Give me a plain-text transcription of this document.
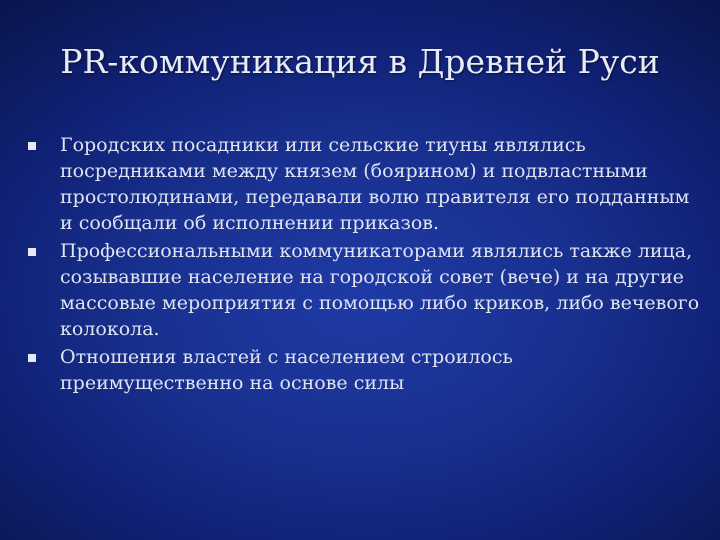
PR-коммуникация в Древней Руси
Городских посадники или сельские тиуны являлись посредниками между князем (боярином) и подвластными простолюдинами, передавали волю правителя его подданным и сообщали об исполнении приказов.
Профессиональными коммуникаторами являлись также лица, созывавшие население на городской совет (вече) и на другие массовые мероприятия с помощью либо криков, либо вечевого колокола.
Отношения властей с населением строилось преимущественно на основе силы
